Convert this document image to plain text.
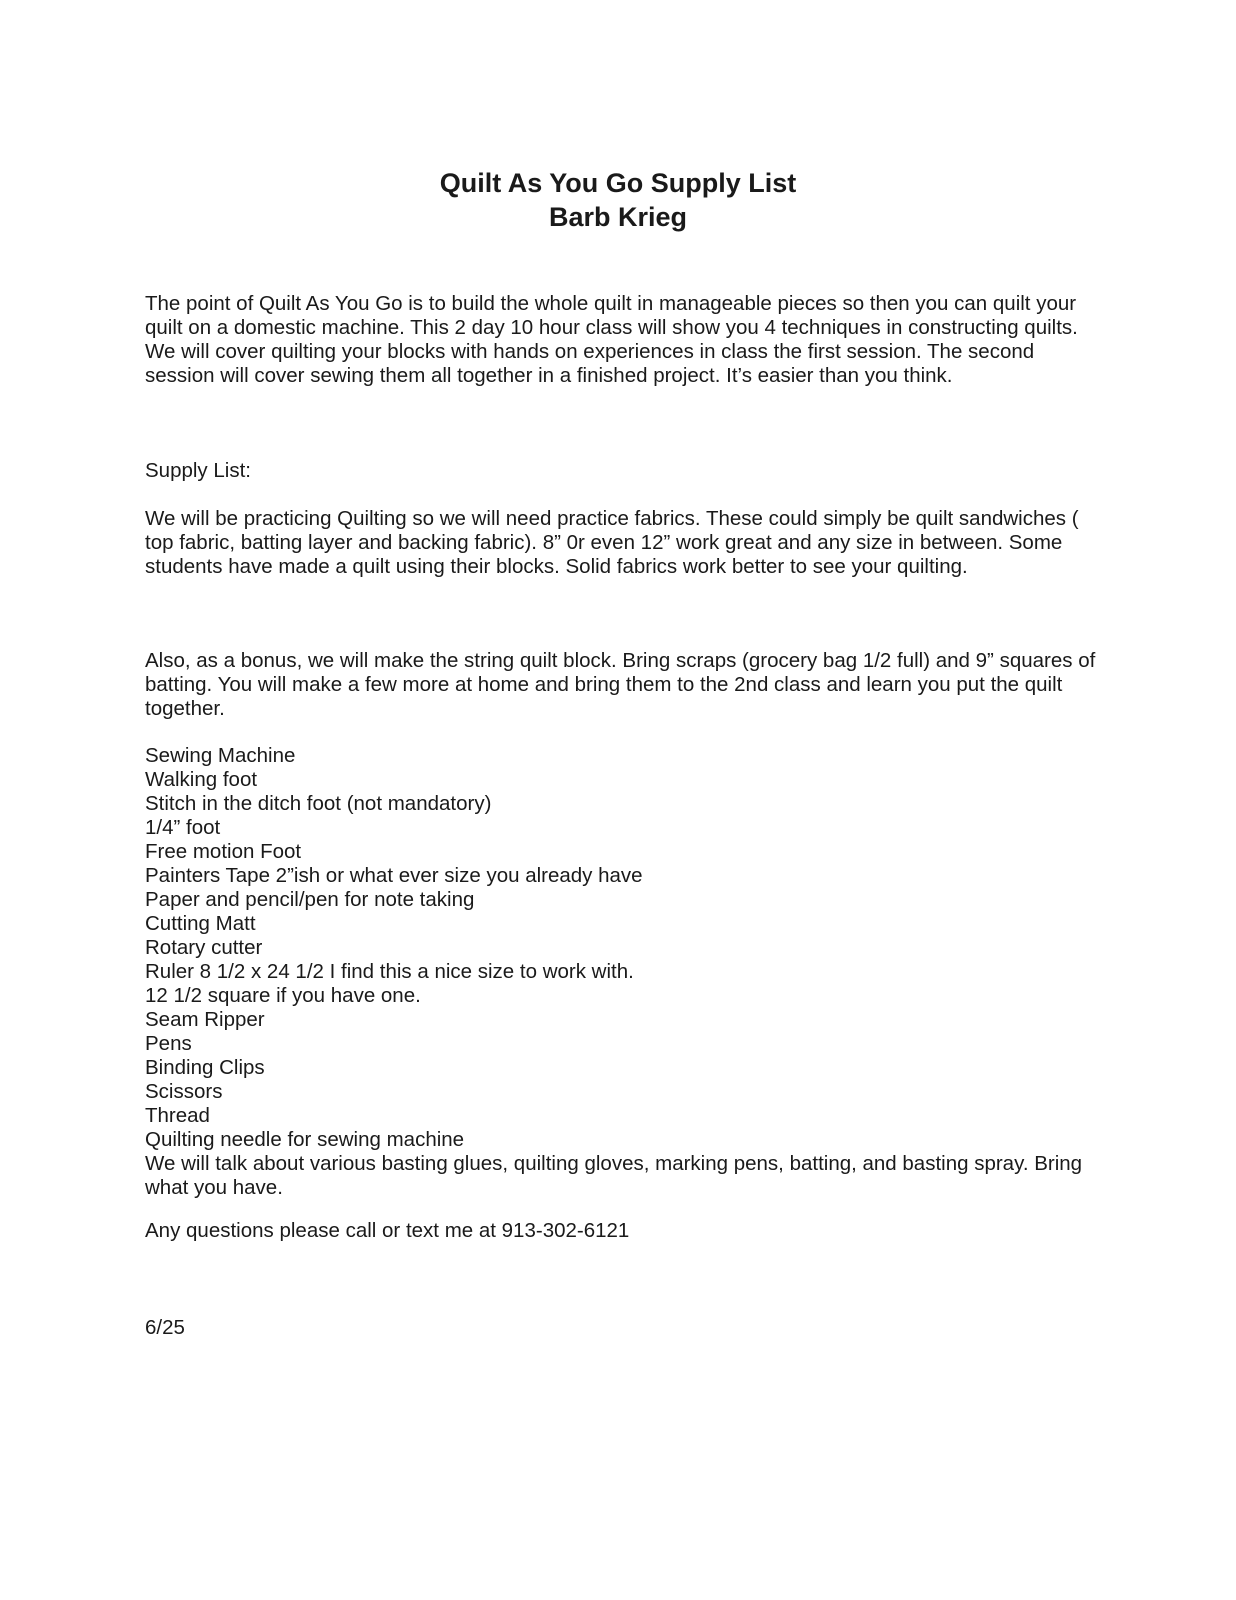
Quilt As You Go Supply List

Barb Krieg

The point of Quilt As You Go is to build the whole quilt in manageable pieces so then you can quilt your quilt on a domestic machine. This 2 day 10 hour class will show you 4 techniques in constructing quilts. We will cover quilting your blocks with hands on experiences in class the first session. The second session will cover sewing them all together in a finished project. It’s easier than you think.

Supply List:

We will be practicing Quilting so we will need practice fabrics. These could simply be quilt sandwiches ( top fabric, batting layer and backing fabric). 8” 0r even 12” work great and any size in between. Some students have made a quilt using their blocks. Solid fabrics work better to see your quilting.

Also, as a bonus, we will make the string quilt block. Bring scraps (grocery bag 1/2 full) and 9” squares of batting. You will make a few more at home and bring them to the 2nd class and learn you put the quilt together.

Sewing Machine
Walking foot
Stitch in the ditch foot (not mandatory)
1/4” foot
Free motion Foot
Painters Tape 2”ish or what ever size you already have
Paper and pencil/pen for note taking
Cutting Matt
Rotary cutter
Ruler 8 1/2 x 24 1/2 I find this a nice size to work with.
12 1/2 square if you have one.
Seam Ripper
Pens
Binding Clips
Scissors
Thread
Quilting needle for sewing machine
We will talk about various basting glues, quilting gloves, marking pens, batting, and basting spray. Bring what you have.

Any questions please call or text me at 913-302-6121

6/25
